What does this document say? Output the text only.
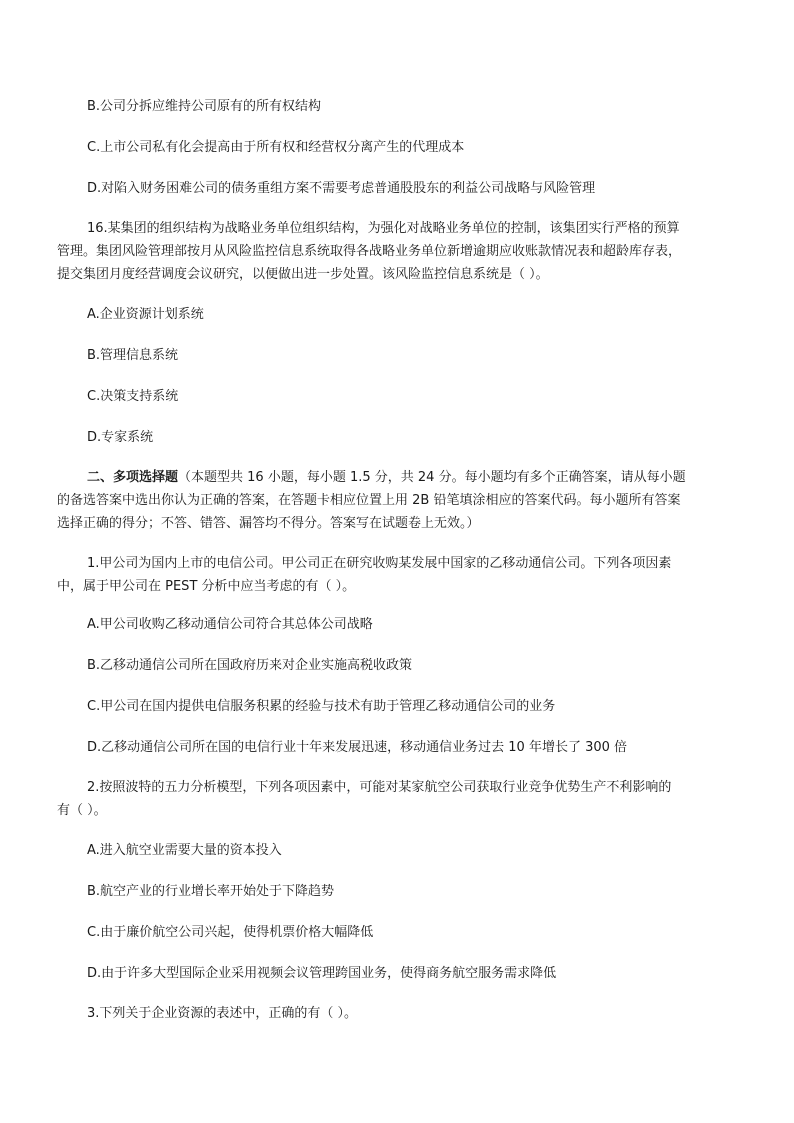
B.公司分拆应维持公司原有的所有权结构
C.上市公司私有化会提高由于所有权和经营权分离产生的代理成本
D.对陷入财务困难公司的债务重组方案不需要考虑普通股股东的利益公司战略与风险管理
16.某集团的组织结构为战略业务单位组织结构，为强化对战略业务单位的控制，该集团实行严格的预算
管理。集团风险管理部按月从风险监控信息系统取得各战略业务单位新增逾期应收账款情况表和超龄库存表，
提交集团月度经营调度会议研究，以便做出进一步处置。该风险监控信息系统是（ ）。
A.企业资源计划系统
B.管理信息系统
C.决策支持系统
D.专家系统
二、多项选择题（本题型共 16 小题，每小题 1.5 分，共 24 分。每小题均有多个正确答案，请从每小题
的备选答案中选出你认为正确的答案，在答题卡相应位置上用 2B 铅笔填涂相应的答案代码。每小题所有答案
选择正确的得分；不答、错答、漏答均不得分。答案写在试题卷上无效。）
1.甲公司为国内上市的电信公司。甲公司正在研究收购某发展中国家的乙移动通信公司。下列各项因素
中，属于甲公司在 PEST 分析中应当考虑的有（ ）。
A.甲公司收购乙移动通信公司符合其总体公司战略
B.乙移动通信公司所在国政府历来对企业实施高税收政策
C.甲公司在国内提供电信服务积累的经验与技术有助于管理乙移动通信公司的业务
D.乙移动通信公司所在国的电信行业十年来发展迅速，移动通信业务过去 10 年增长了 300 倍
2.按照波特的五力分析模型，下列各项因素中，可能对某家航空公司获取行业竞争优势生产不利影响的
有（ ）。
A.进入航空业需要大量的资本投入
B.航空产业的行业增长率开始处于下降趋势
C.由于廉价航空公司兴起，使得机票价格大幅降低
D.由于许多大型国际企业采用视频会议管理跨国业务，使得商务航空服务需求降低
3.下列关于企业资源的表述中，正确的有（ ）。
